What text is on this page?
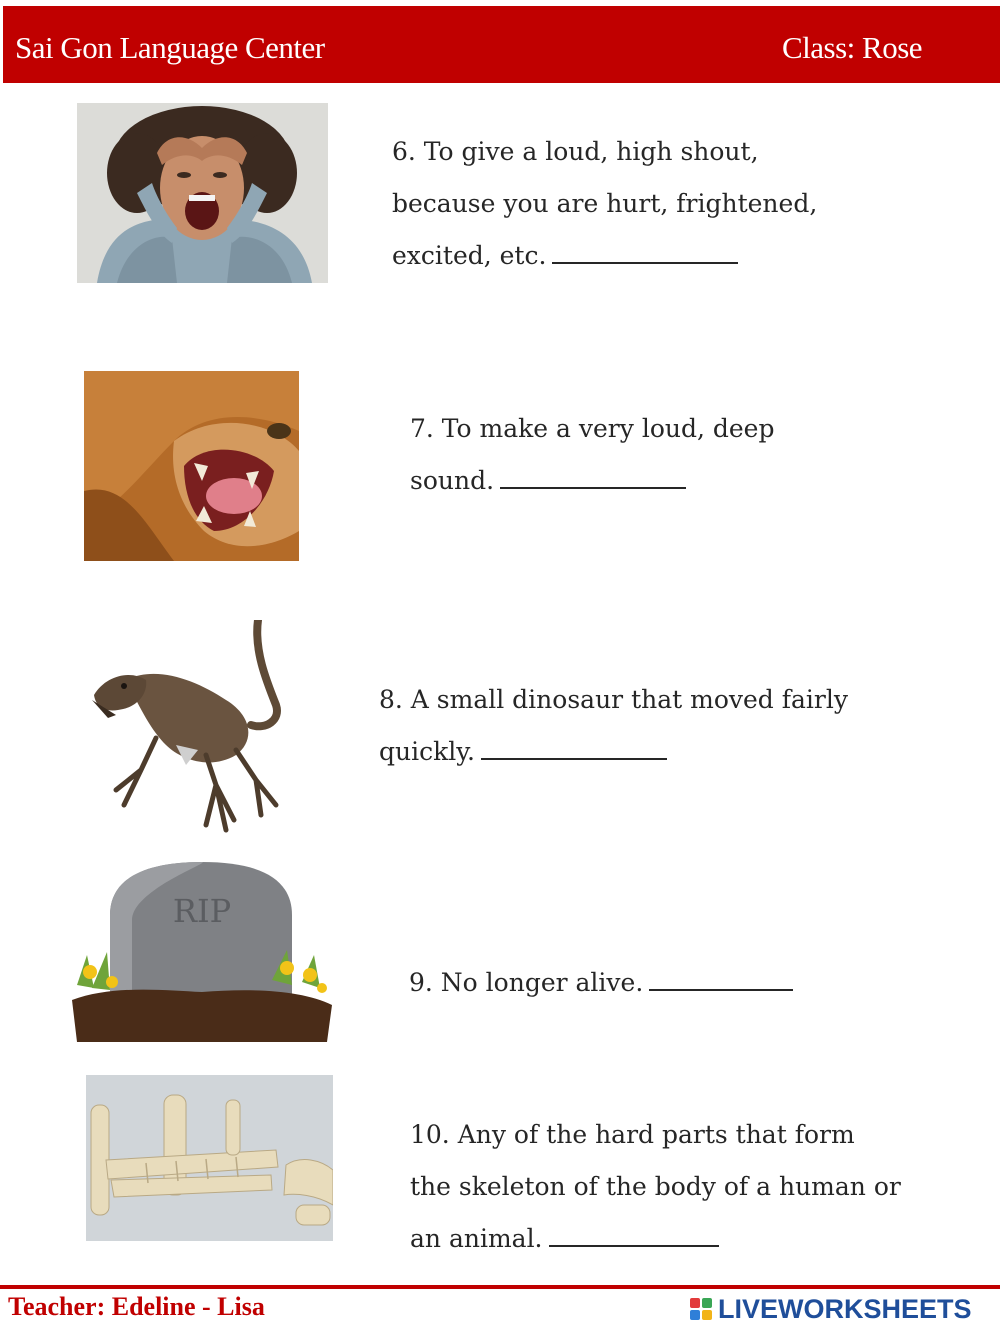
Sai Gon Language Center	Class: Rose
6. To give a loud, high shout,
because you are hurt, frightened,
excited, etc.
7. To make a very loud, deep
sound.
8. A small dinosaur that moved fairly
quickly.
RIP
9. No longer alive.
10. Any of the hard parts that form
the skeleton of the body of a human or
an animal.
Teacher: Edeline - Lisa	LIVEWORKSHEETS
